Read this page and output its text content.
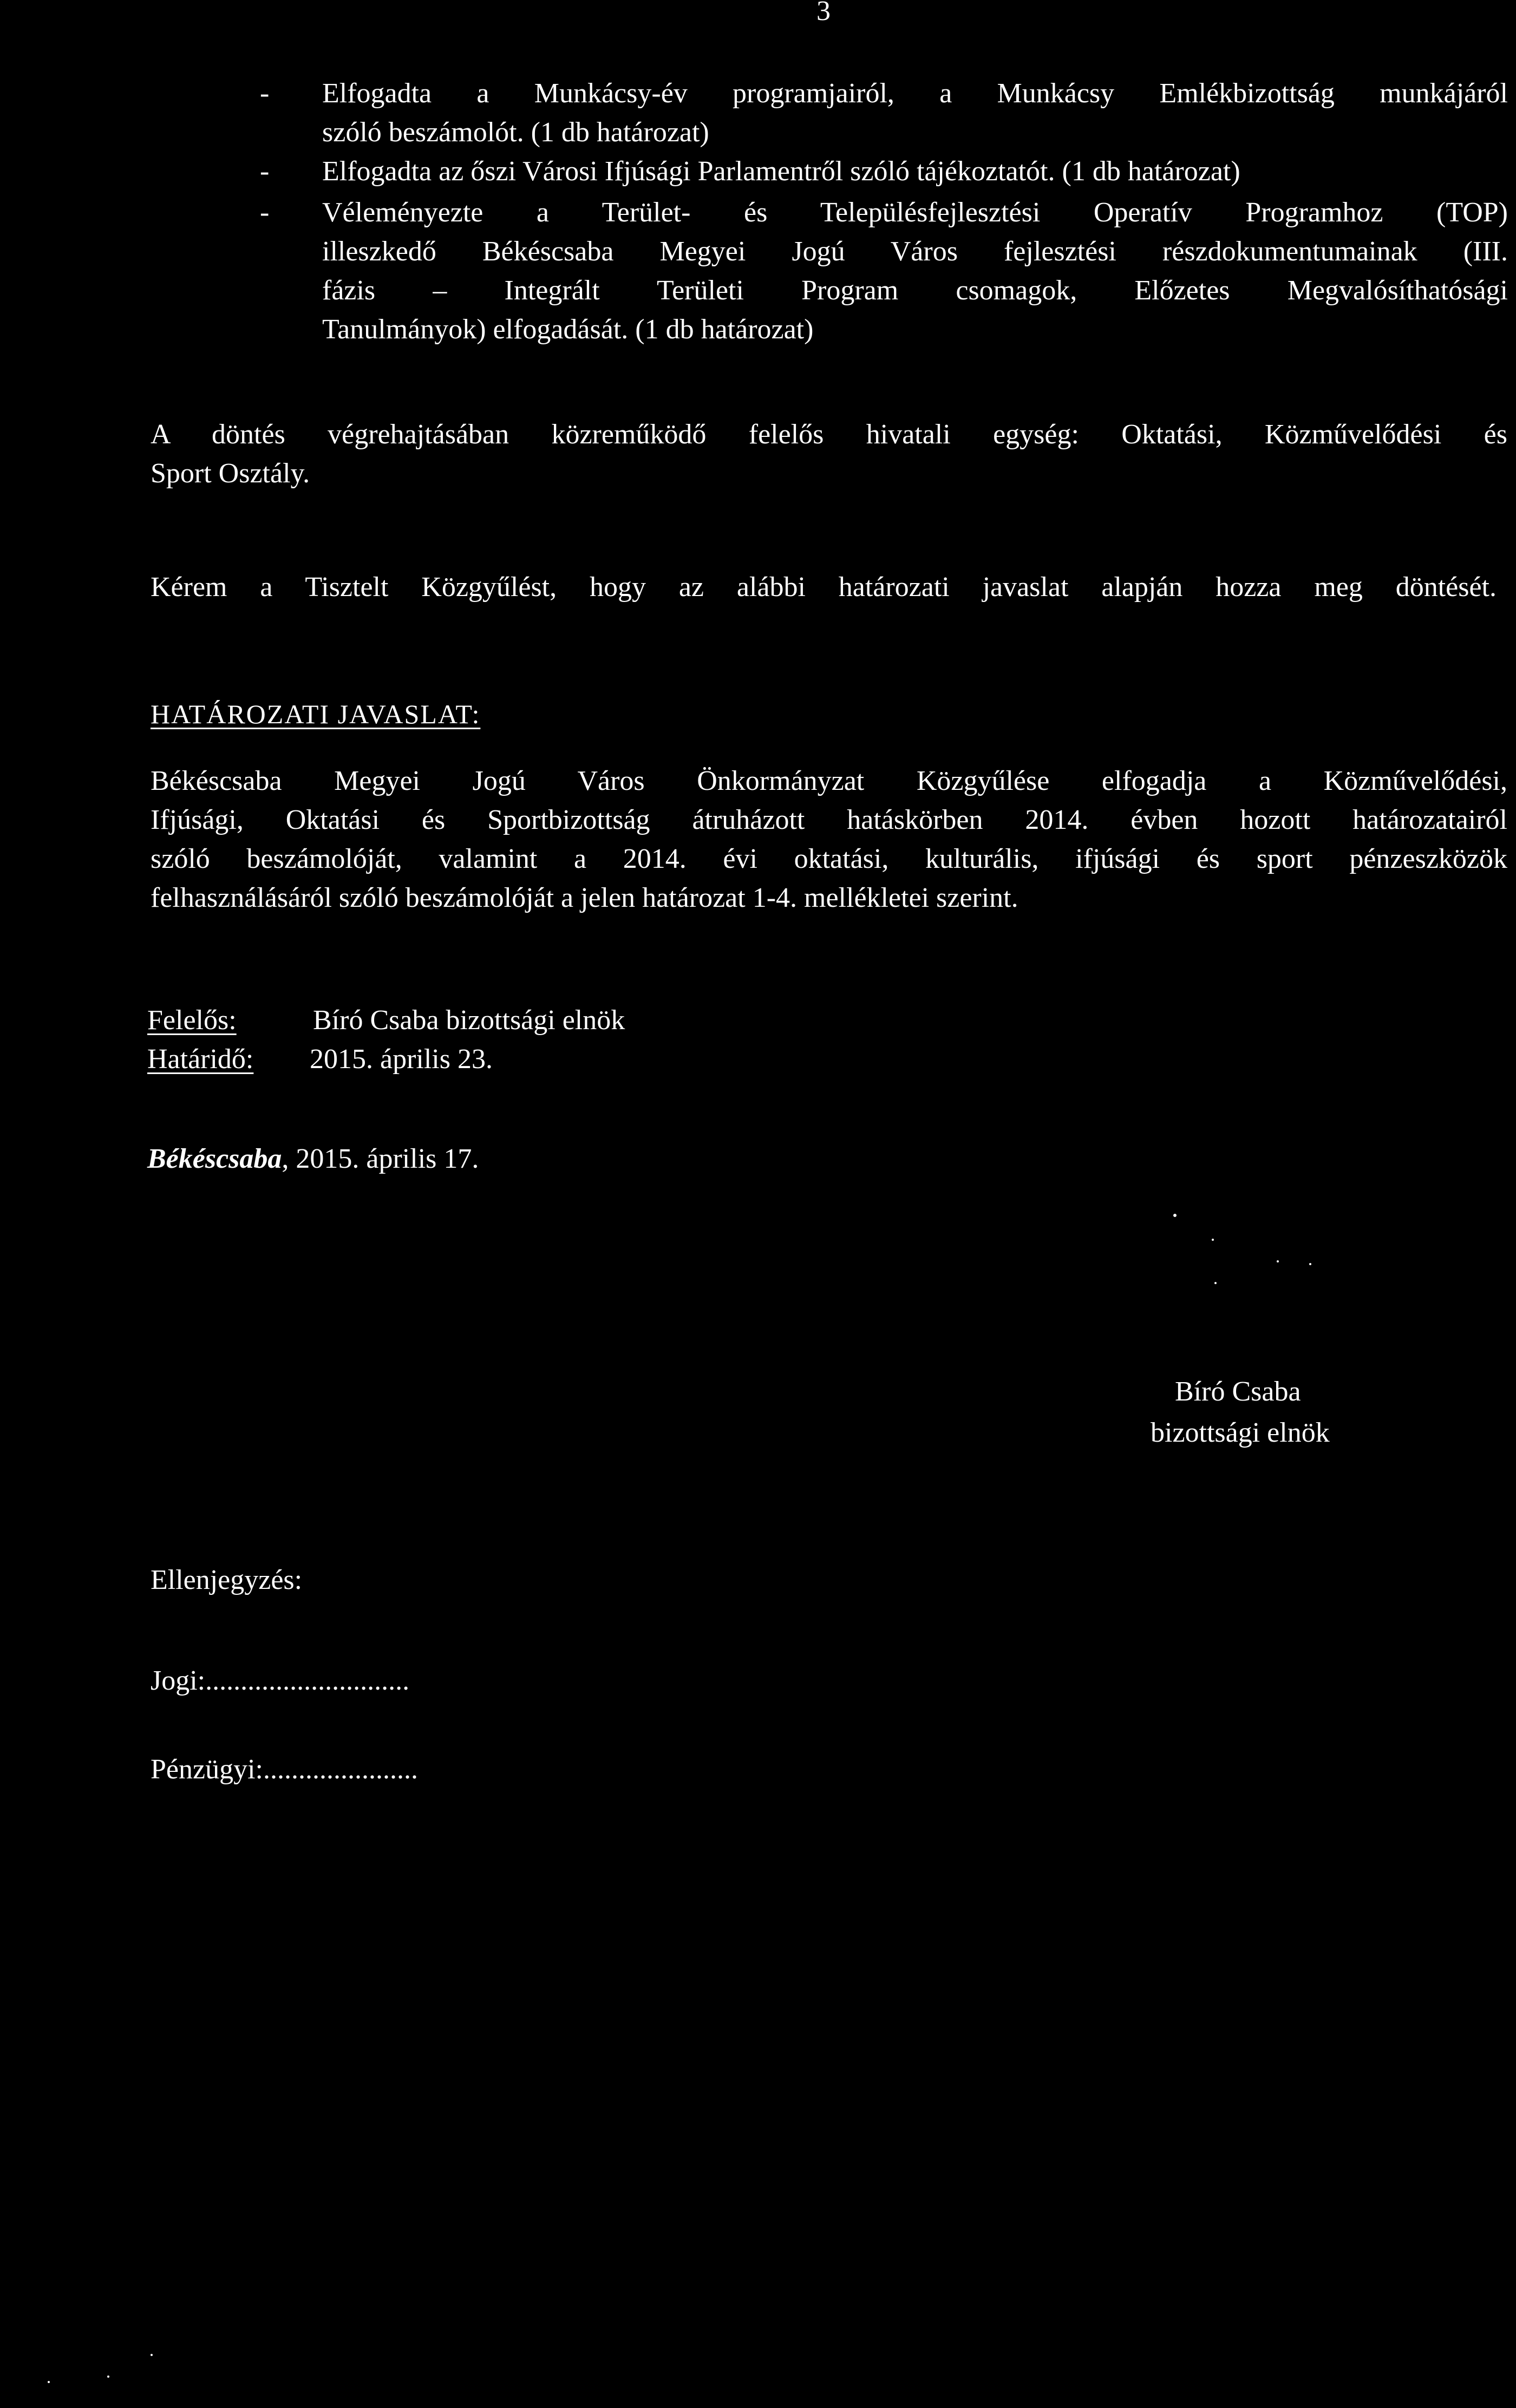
3
- Elfogadta a Munkácsy-év programjairól, a Munkácsy Emlékbizottság munkájáról
szóló beszámolót. (1 db határozat)
- Elfogadta az őszi Városi Ifjúsági Parlamentről szóló tájékoztatót. (1 db határozat)
- Véleményezte a Terület- és Településfejlesztési Operatív Programhoz (TOP)
illeszkedő Békéscsaba Megyei Jogú Város fejlesztési részdokumentumainak (III.
fázis – Integrált Területi Program csomagok, Előzetes Megvalósíthatósági
Tanulmányok) elfogadását. (1 db határozat)
A döntés végrehajtásában közreműködő felelős hivatali egység: Oktatási, Közművelődési és
Sport Osztály.
Kérem a Tisztelt Közgyűlést, hogy az alábbi határozati javaslat alapján hozza meg döntését.
HATÁROZATI JAVASLAT:
Békéscsaba Megyei Jogú Város Önkormányzat Közgyűlése elfogadja a Közművelődési,
Ifjúsági, Oktatási és Sportbizottság átruházott hatáskörben 2014. évben hozott határozatairól
szóló beszámolóját, valamint a 2014. évi oktatási, kulturális, ifjúsági és sport pénzeszközök
felhasználásáról szóló beszámolóját a jelen határozat 1-4. mellékletei szerint.
Felelős:	Bíró Csaba bizottsági elnök
Határidő: 2015. április 23.
Békéscsaba, 2015. április 17.
Bíró Csaba
bizottsági elnök
Ellenjegyzés:
Jogi:.............................
Pénzügyi:......................
